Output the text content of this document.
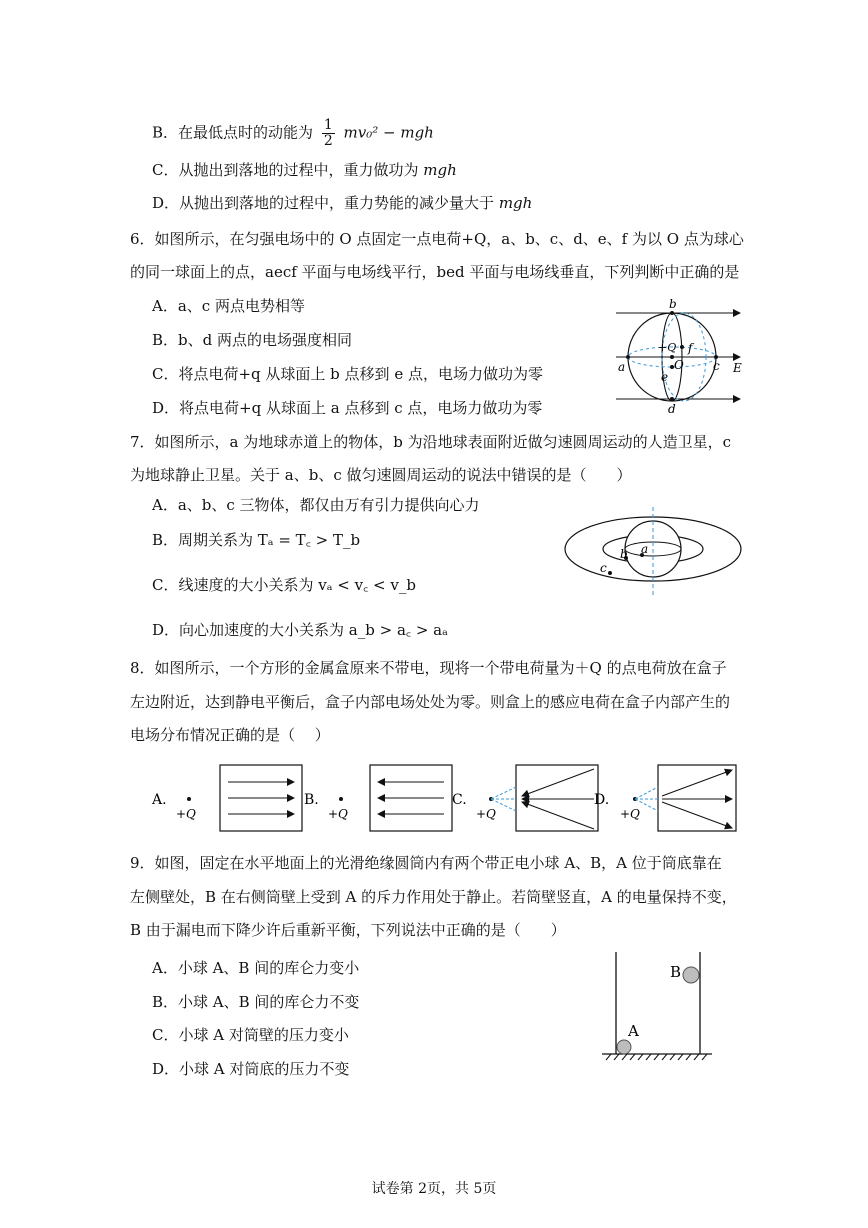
B．在最低点时的动能为 $\frac{1}{2} mv_0^2$ − mgh
C．从抛出到落地的过程中，重力做功为 mgh
D．从抛出到落地的过程中，重力势能的减少量大于 mgh
6．如图所示，在匀强电场中的 O 点固定一点电荷+Q，a、b、c、d、e、f 为以 O 点为球心
的同一球面上的点，aecf 平面与电场线平行，bed 平面与电场线垂直，下列判断中正确的是
A．a、c 两点电势相等
B．b、d 两点的电场强度相同
C．将点电荷+q 从球面上 b 点移到 e 点，电场力做功为零
D．将点电荷+q 从球面上 a 点移到 c 点，电场力做功为零
b
+Q f
a	O c E
e
d
7．如图所示，a 为地球赤道上的物体，b 为沿地球表面附近做匀速圆周运动的人造卫星，c
为地球静止卫星。关于 a、b、c 做匀速圆周运动的说法中错误的是（　　）
A．a、b、c 三物体，都仅由万有引力提供向心力
B．周期关系为 Tₐ = T꜀ > T_b
C．线速度的大小关系为 vₐ < v꜀ < v_b
D．向心加速度的大小关系为 a_b > a꜀ > aₐ
a
b
c
8．如图所示，一个方形的金属盒原来不带电，现将一个带电荷量为＋Q 的点电荷放在盒子
左边附近，达到静电平衡后，盒子内部电场处处为零。则盒上的感应电荷在盒子内部产生的
电场分布情况正确的是（　 ）
A.
+Q
B.
+Q
C.
+Q
D.
+Q
9．如图，固定在水平地面上的光滑绝缘圆筒内有两个带正电小球 A、B，A 位于筒底靠在
左侧壁处，B 在右侧筒壁上受到 A 的斥力作用处于静止。若筒壁竖直，A 的电量保持不变，
B 由于漏电而下降少许后重新平衡，下列说法中正确的是（　　）
A．小球 A、B 间的库仑力变小
B．小球 A、B 间的库仑力不变
C．小球 A 对筒壁的压力变小
D．小球 A 对筒底的压力不变
A
B
试卷第 2页，共 5页
